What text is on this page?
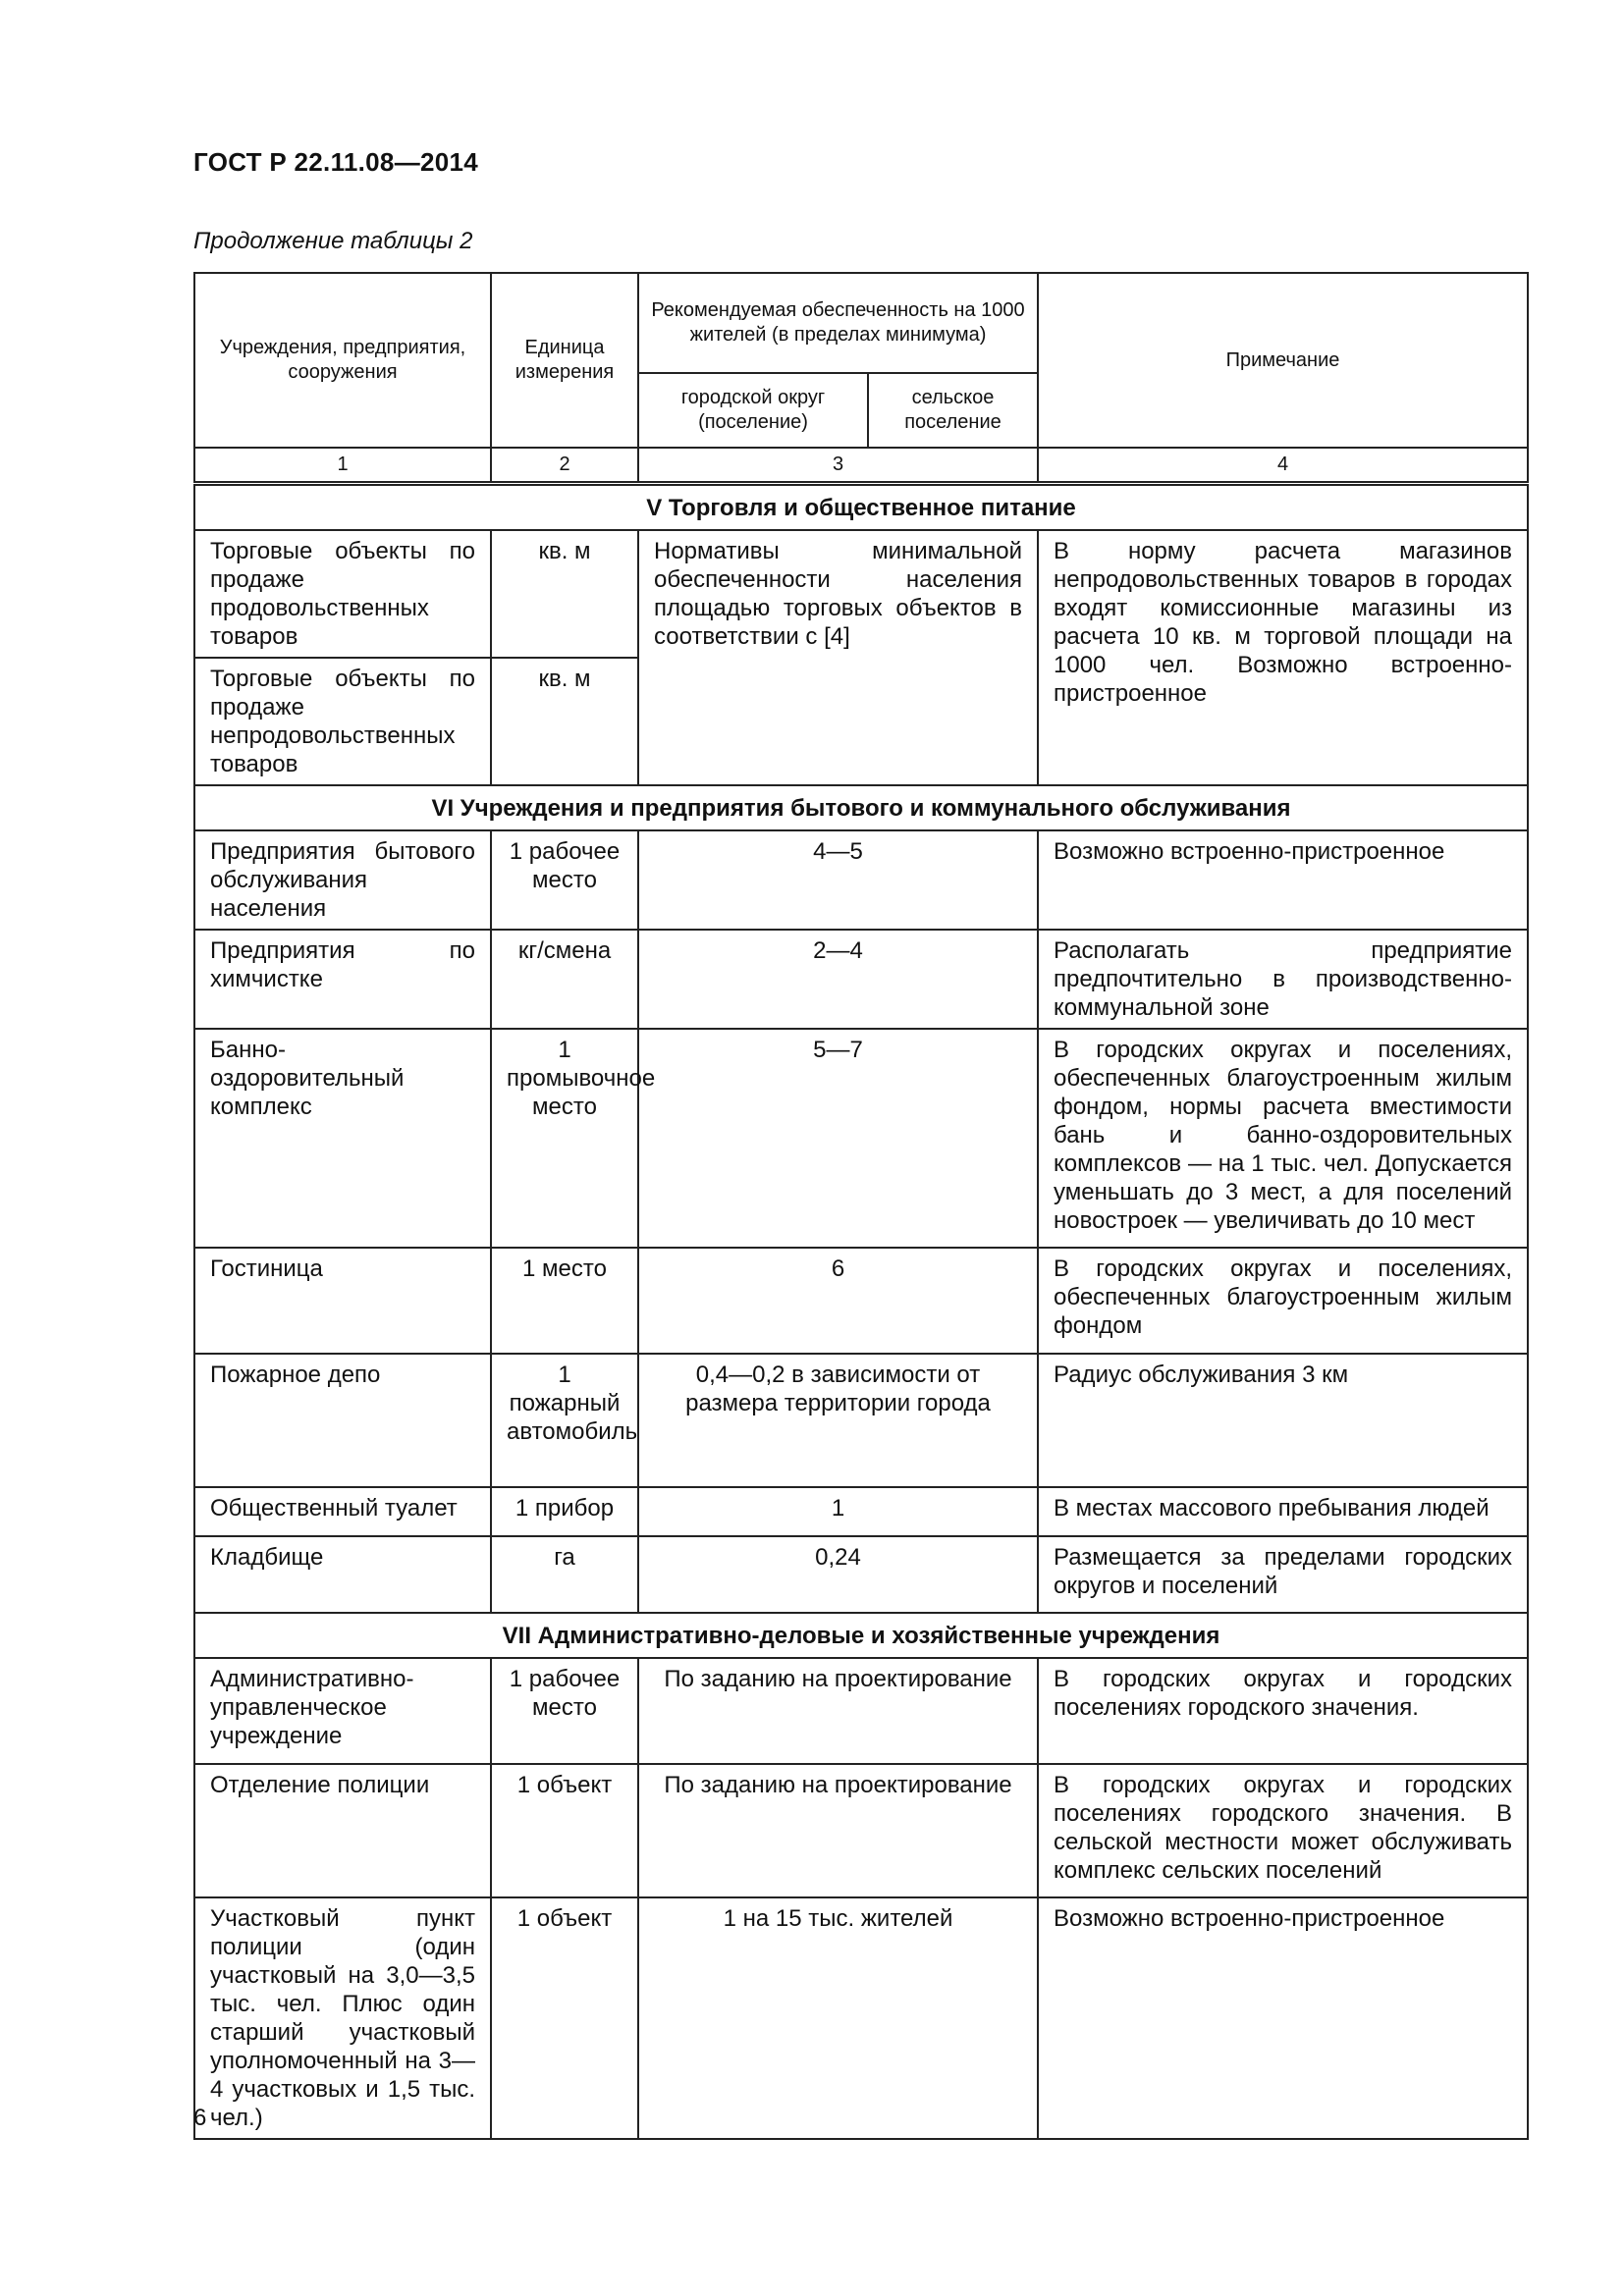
ГОСТ Р 22.11.08—2014
Продолжение таблицы 2
Учреждения, предприятия, сооружения	Единица измерения	Рекомендуемая обеспеченность на 1000 жителей (в пределах минимума)		Примечание
		городской округ (поселение)	сельское поселение	
1	2	3		4
V Торговля и общественное питание				
Торговые объекты по продаже продовольственных товаров	кв. м	Нормативы минимальной обеспеченности населения площадью торговых объектов в соответствии с [4]		В норму расчета магазинов непродовольственных товаров в городах входят комиссионные магазины из расчета 10 кв. м торговой площади на 1000 чел. Возможно встроенно-пристроенное
Торговые объекты по продаже непродовольственных товаров	кв. м			
VI Учреждения и предприятия бытового и коммунального обслуживания				
Предприятия бытового обслуживания населения	1 рабочее место	4—5		Возможно встроенно-пристроенное
Предприятия по химчистке	кг/смена	2—4		Располагать предприятие предпочтительно в производственно-коммунальной зоне
Банно-оздоровительный комплекс	1 промывочное место	5—7		В городских округах и поселениях, обеспеченных благоустроенным жилым фондом, нормы расчета вместимости бань и банно-оздоровительных комплексов — на 1 тыс. чел. Допускается уменьшать до 3 мест, а для поселений новостроек — увеличивать до 10 мест
Гостиница	1 место	6		В городских округах и поселениях, обеспеченных благоустроенным жилым фондом
Пожарное депо	1 пожарный автомобиль	0,4—0,2 в зависимости от размера территории города		Радиус обслуживания 3 км
Общественный туалет	1 прибор	1		В местах массового пребывания людей
Кладбище	га	0,24		Размещается за пределами городских округов и поселений
VII Административно-деловые и хозяйственные учреждения				
Административно-управленческое учреждение	1 рабочее место	По заданию на проектирование		В городских округах и городских поселениях городского значения.
Отделение полиции	1 объект	По заданию на проектирование		В городских округах и городских поселениях городского значения. В сельской местности может обслуживать комплекс сельских поселений
Участковый пункт полиции (один участковый на 3,0—3,5 тыс. чел. Плюс один старший участковый уполномоченный на 3—4 участковых и 1,5 тыс. чел.)	1 объект	1 на 15 тыс. жителей		Возможно встроенно-пристроенное
6
